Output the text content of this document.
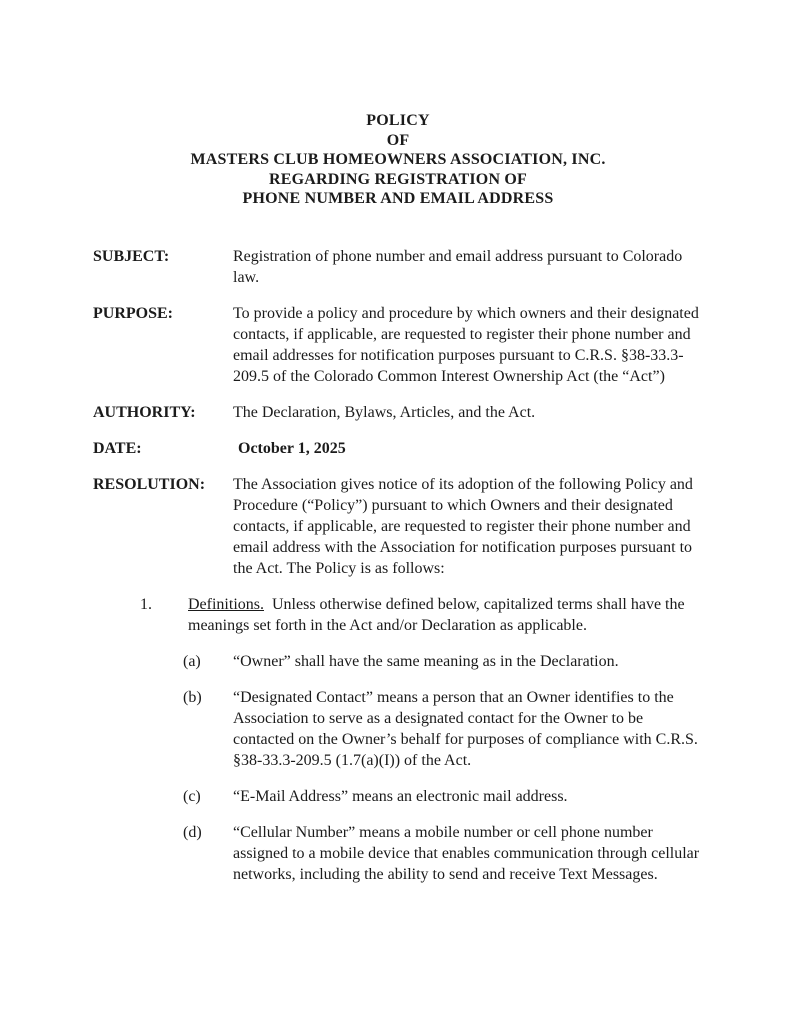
POLICY
OF
MASTERS CLUB HOMEOWNERS ASSOCIATION, INC.
REGARDING REGISTRATION OF
PHONE NUMBER AND EMAIL ADDRESS
SUBJECT:	Registration of phone number and email address pursuant to Colorado law.
PURPOSE:	To provide a policy and procedure by which owners and their designated contacts, if applicable, are requested to register their phone number and email addresses for notification purposes pursuant to C.R.S. §38-33.3-209.5 of the Colorado Common Interest Ownership Act (the “Act”)
AUTHORITY:	The Declaration, Bylaws, Articles, and the Act.
DATE:	October 1, 2025
RESOLUTION:	The Association gives notice of its adoption of the following Policy and Procedure (“Policy”) pursuant to which Owners and their designated contacts, if applicable, are requested to register their phone number and email address with the Association for notification purposes pursuant to the Act. The Policy is as follows:
1. Definitions. Unless otherwise defined below, capitalized terms shall have the meanings set forth in the Act and/or Declaration as applicable.
(a) “Owner” shall have the same meaning as in the Declaration.
(b) “Designated Contact” means a person that an Owner identifies to the Association to serve as a designated contact for the Owner to be contacted on the Owner’s behalf for purposes of compliance with C.R.S. §38-33.3-209.5 (1.7(a)(I)) of the Act.
(c) “E-Mail Address” means an electronic mail address.
(d) “Cellular Number” means a mobile number or cell phone number assigned to a mobile device that enables communication through cellular networks, including the ability to send and receive Text Messages.
